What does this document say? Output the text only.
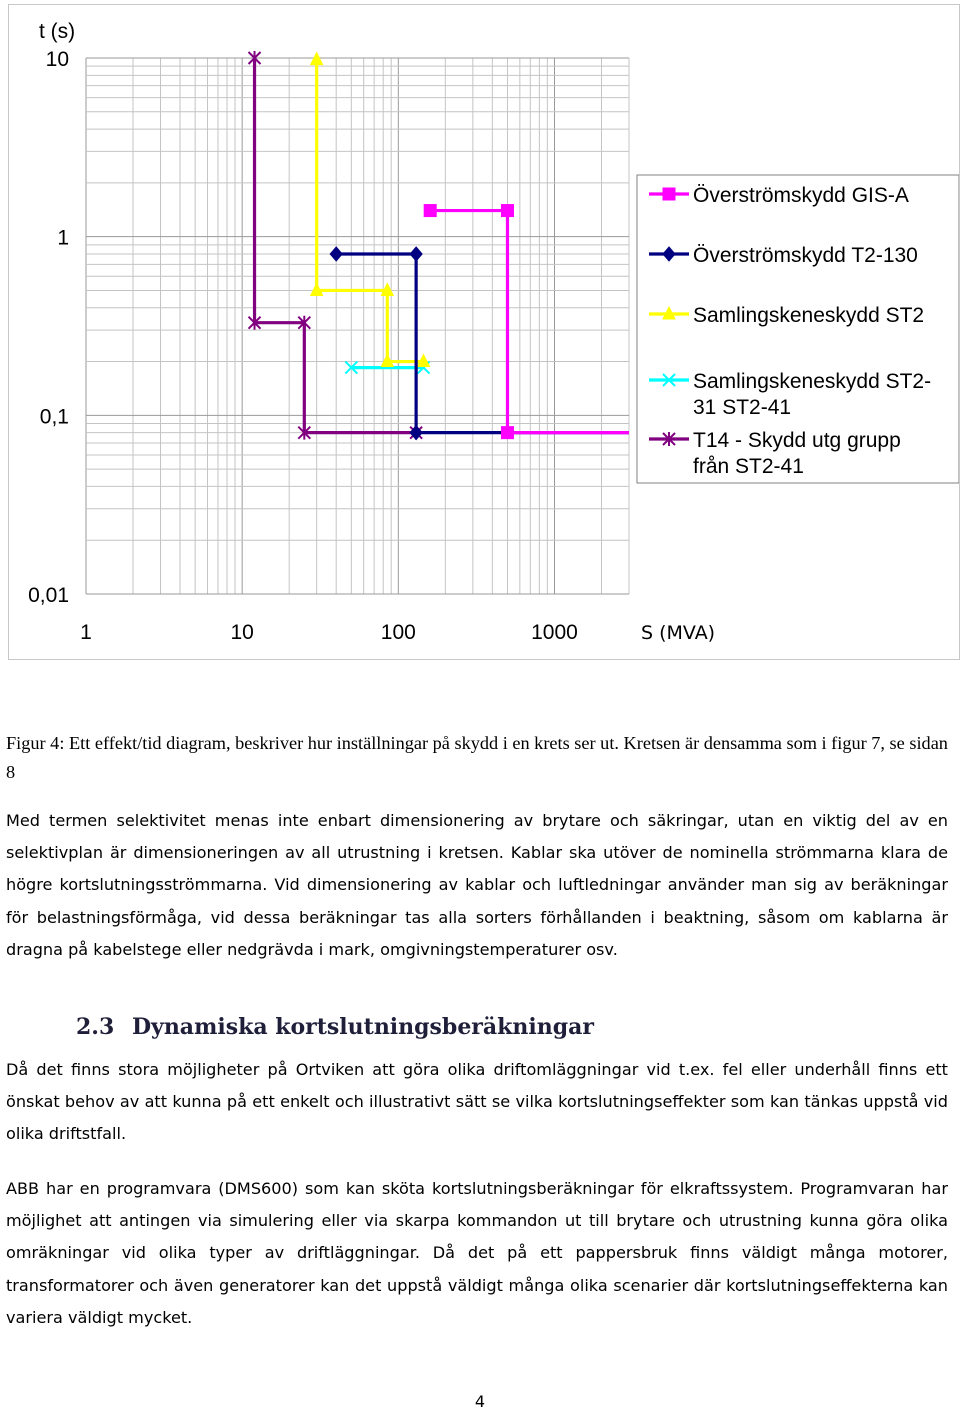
t (s)
0,01
0,1
1
10
1	10	100	1000	S (MVA)
Överströmskydd GIS-A
Överströmskydd T2-130
Samlingskeneskydd ST2
Samlingskeneskydd ST2-
31 ST2-41
T14 - Skydd utg grupp
från ST2-41
Figur 4: Ett effekt/tid diagram, beskriver hur inställningar på skydd i en krets ser ut. Kretsen är densamma som i figur 7, se sidan 8
Med termen selektivitet menas inte enbart dimensionering av brytare och säkringar, utan en viktig del av en selektivplan är dimensioneringen av all utrustning i kretsen. Kablar ska utöver de nominella strömmarna klara de högre kortslutningsströmmarna. Vid dimensionering av kablar och luftledningar använder man sig av beräkningar för belastningsförmåga, vid dessa beräkningar tas alla sorters förhållanden i beaktning, såsom om kablarna är dragna på kabelstege eller nedgrävda i mark, omgivningstemperaturer osv.
2.3 Dynamiska kortslutningsberäkningar
Då det finns stora möjligheter på Ortviken att göra olika driftomläggningar vid t.ex. fel eller underhåll finns ett önskat behov av att kunna på ett enkelt och illustrativt sätt se vilka kortslutningseffekter som kan tänkas uppstå vid olika driftstfall.
ABB har en programvara (DMS600) som kan sköta kortslutningsberäkningar för elkraftssystem. Programvaran har möjlighet att antingen via simulering eller via skarpa kommandon ut till brytare och utrustning kunna göra olika omräkningar vid olika typer av driftläggningar. Då det på ett pappersbruk finns väldigt många motorer, transformatorer och även generatorer kan det uppstå väldigt många olika scenarier där kortslutningseffekterna kan variera väldigt mycket.
4
